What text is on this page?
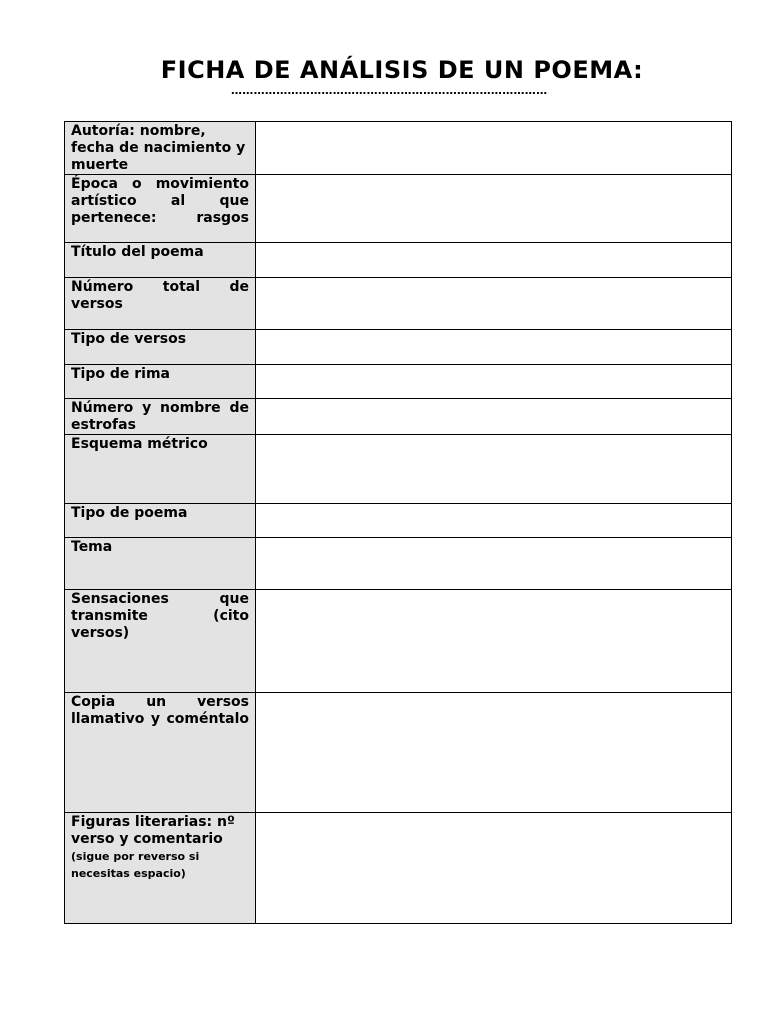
FICHA DE ANÁLISIS DE UN POEMA:
…………………………………………………………………………
Autoría: nombre, fecha de nacimiento y muerte	

Época o movimiento artístico al que pertenece: rasgos	

Título del poema	

Número total de versos	

Tipo de versos	

Tipo de rima	

Número y nombre de estrofas	

Esquema métrico	

Tipo de poema	

Tema	

Sensaciones que transmite (cito versos)	

Copia un versos llamativo y coméntalo	

Figuras literarias: nº verso y comentario (sigue por reverso si necesitas espacio)	
